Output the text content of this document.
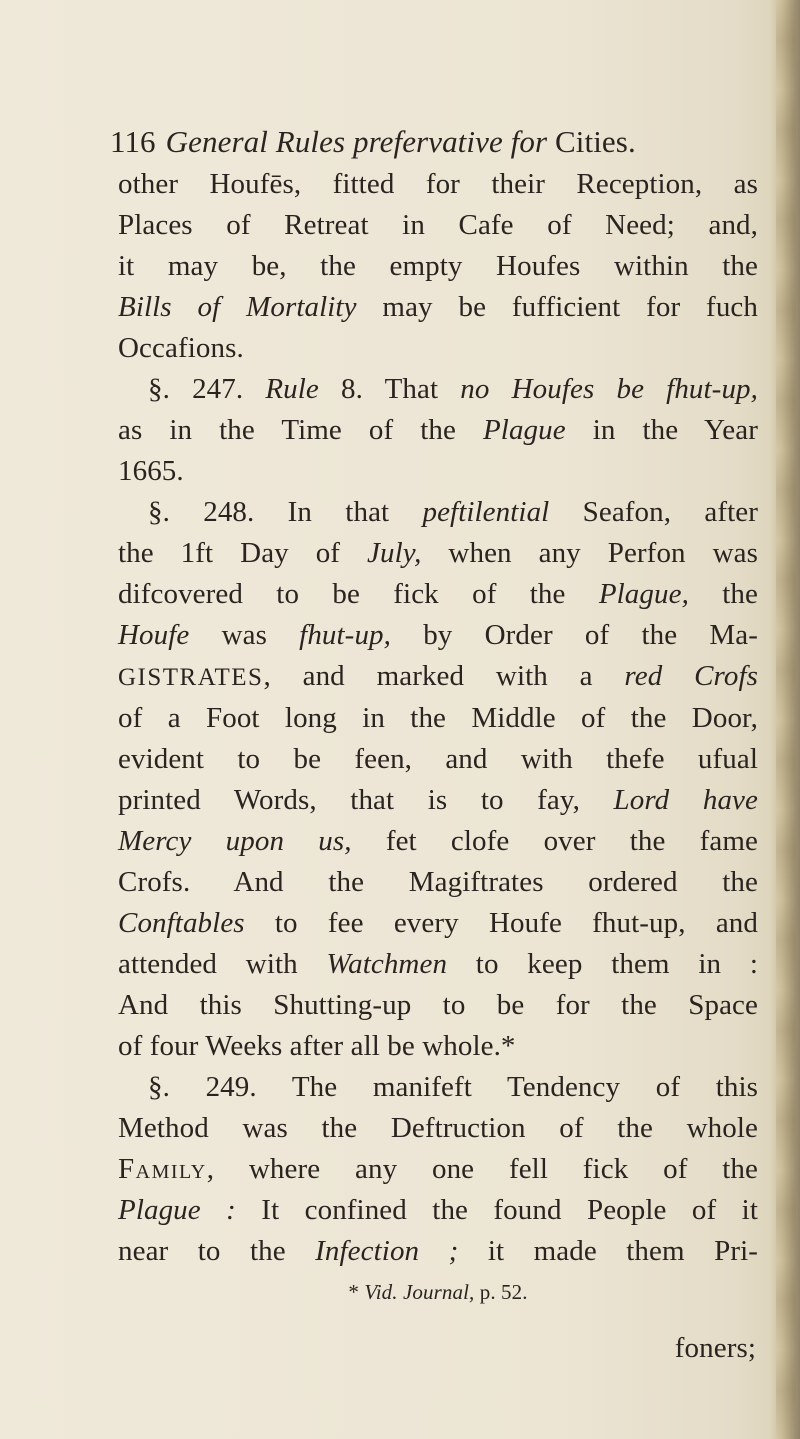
116 General Rules prefervative for Cities.
other Houfēs, fitted for their Reception, as
Places of Retreat in Cafe of Need; and,
it may be, the empty Houfes within the
Bills of Mortality may be fufficient for fuch
Occafions.
§. 247. Rule 8. That no Houfes be fhut-up,
as in the Time of the Plague in the Year
1665.
§. 248. In that peftilential Seafon, after
the 1ft Day of July, when any Perfon was
difcovered to be fick of the Plague, the
Houfe was fhut-up, by Order of the Ma-
GISTRATES, and marked with a red Crofs
of a Foot long in the Middle of the Door,
evident to be feen, and with thefe ufual
printed Words, that is to fay, Lord have
Mercy upon us, fet clofe over the fame
Crofs. And the Magiftrates ordered the
Conftables to fee every Houfe fhut-up, and
attended with Watchmen to keep them in :
And this Shutting-up to be for the Space
of four Weeks after all be whole.*
§. 249. The manifeft Tendency of this
Method was the Deftruction of the whole
Family, where any one fell fick of the
Plague : It confined the found People of it
near to the Infection ; it made them Pri-
* Vid. Journal, p. 52.
foners;
